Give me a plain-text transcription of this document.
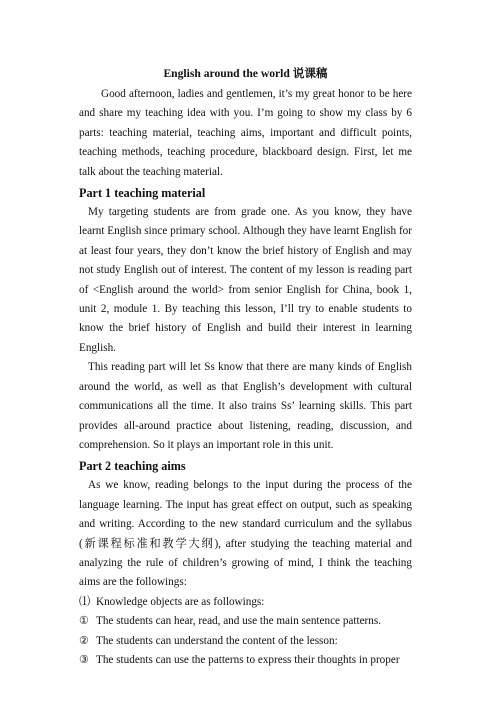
English around the world 说课稿

Good afternoon, ladies and gentlemen, it’s my great honor to be here and share my teaching idea with you. I’m going to show my class by 6 parts: teaching material, teaching aims, important and difficult points, teaching methods, teaching procedure, blackboard design. First, let me talk about the teaching material.

Part 1 teaching material

My targeting students are from grade one. As you know, they have learnt English since primary school. Although they have learnt English for at least four years, they don’t know the brief history of English and may not study English out of interest. The content of my lesson is reading part of <English around the world> from senior English for China, book 1, unit 2, module 1. By teaching this lesson, I’ll try to enable students to know the brief history of English and build their interest in learning English.

This reading part will let Ss know that there are many kinds of English around the world, as well as that English’s development with cultural communications all the time. It also trains Ss’ learning skills. This part provides all-around practice about listening, reading, discussion, and comprehension. So it plays an important role in this unit.

Part 2 teaching aims

As we know, reading belongs to the input during the process of the language learning. The input has great effect on output, such as speaking and writing. According to the new standard curriculum and the syllabus (新课程标准和教学大纲), after studying the teaching material and analyzing the rule of children’s growing of mind, I think the teaching aims are the followings:

⑴ Knowledge objects are as followings:
① The students can hear, read, and use the main sentence patterns.
② The students can understand the content of the lesson:
③ The students can use the patterns to express their thoughts in proper
